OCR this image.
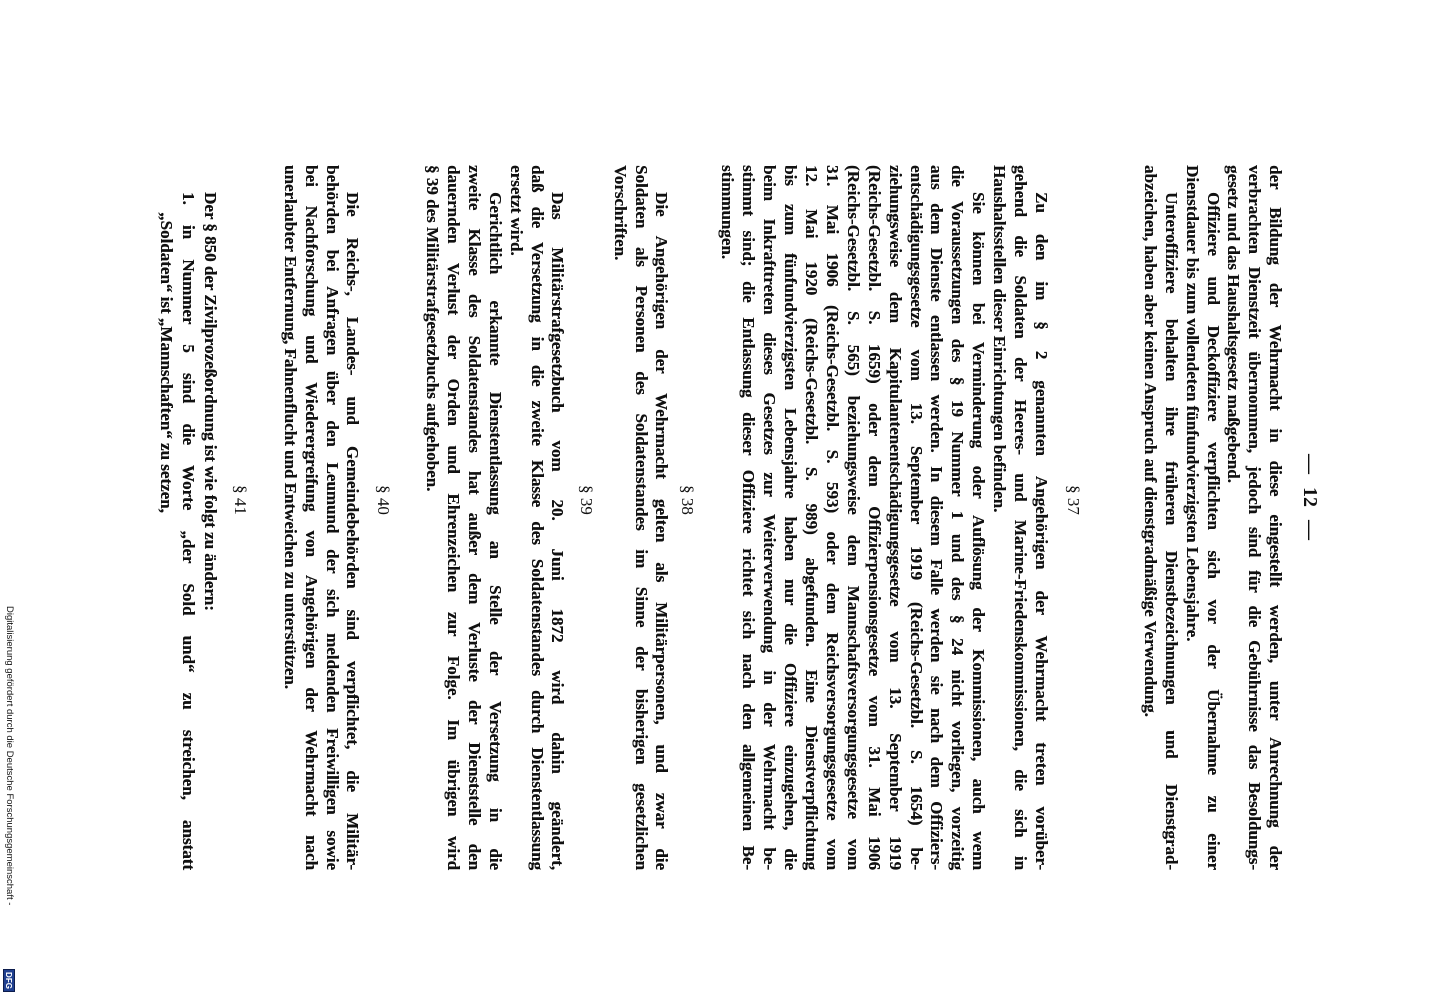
— 12 —
der Bildung der Wehrmacht in diese eingestellt werden, unter Anrechnung der
verbrachten Dienstzeit übernommen, jedoch sind für die Gebührnisse das Besoldungs-
gesetz und das Haushaltsgesetz maßgebend.
Offiziere und Deckoffiziere verpflichten sich vor der Übernahme zu einer
Dienstdauer bis zum vollendeten fünfundvierzigsten Lebensjahre.
Unteroffiziere behalten ihre früheren Dienstbezeichnungen und Dienstgrad-
abzeichen, haben aber keinen Anspruch auf dienstgradmäßige Verwendung.
§ 37
Zu den im § 2 genannten Angehörigen der Wehrmacht treten vorüber-
gehend die Soldaten der Heeres- und Marine-Friedenskommissionen, die sich in
Haushaltsstellen dieser Einrichtungen befinden.
Sie können bei Verminderung oder Auflösung der Kommissionen, auch wenn
die Voraussetzungen des § 19 Nummer 1 und des § 24 nicht vorliegen, vorzeitig
aus dem Dienste entlassen werden. In diesem Falle werden sie nach dem Offiziers-
entschädigungsgesetze vom 13. September 1919 (Reichs-Gesetzbl. S. 1654) be-
ziehungsweise dem Kapitulantenentschädigungsgesetze vom 13. September 1919
(Reichs-Gesetzbl. S. 1659) oder dem Offizierpensionsgesetze vom 31. Mai 1906
(Reichs-Gesetzbl. S. 565) beziehungsweise dem Mannschaftsversorgungsgesetze vom
31. Mai 1906 (Reichs-Gesetzbl. S. 593) oder dem Reichsversorgungsgesetze vom
12. Mai 1920 (Reichs-Gesetzbl. S. 989) abgefunden. Eine Dienstverpflichtung
bis zum fünfundvierzigsten Lebensjahre haben nur die Offiziere einzugehen, die
beim Inkrafttreten dieses Gesetzes zur Weiterverwendung in der Wehrmacht be-
stimmt sind; die Entlassung dieser Offiziere richtet sich nach den allgemeinen Be-
stimmungen.
§ 38
Die Angehörigen der Wehrmacht gelten als Militärpersonen, und zwar die
Soldaten als Personen des Soldatenstandes im Sinne der bisherigen gesetzlichen
Vorschriften.
§ 39
Das Militärstrafgesetzbuch vom 20. Juni 1872 wird dahin geändert,
daß die Versetzung in die zweite Klasse des Soldatenstandes durch Dienstentlassung
ersetzt wird.
Gerichtlich erkannte Dienstentlassung an Stelle der Versetzung in die
zweite Klasse des Soldatenstandes hat außer dem Verluste der Dienststelle den
dauernden Verlust der Orden und Ehrenzeichen zur Folge. Im übrigen wird
§ 39 des Militärstrafgesetzbuchs aufgehoben.
§ 40
Die Reichs-, Landes- und Gemeindebehörden sind verpflichtet, die Militär-
behörden bei Anfragen über den Leumund der sich meldenden Freiwilligen sowie
bei Nachforschung und Wiederergreifung von Angehörigen der Wehrmacht nach
unerlaubter Entfernung, Fahnenflucht und Entweichen zu unterstützen.
§ 41
Der § 850 der Zivilprozeßordnung ist wie folgt zu ändern:
1. in Nummer 5 sind die Worte „der Sold und“ zu streichen, anstatt
„Soldaten“ ist „Mannschaften“ zu setzen,
Digitalisierung gefördert durch die Deutsche Forschungsgemeinschaft -
DFG
